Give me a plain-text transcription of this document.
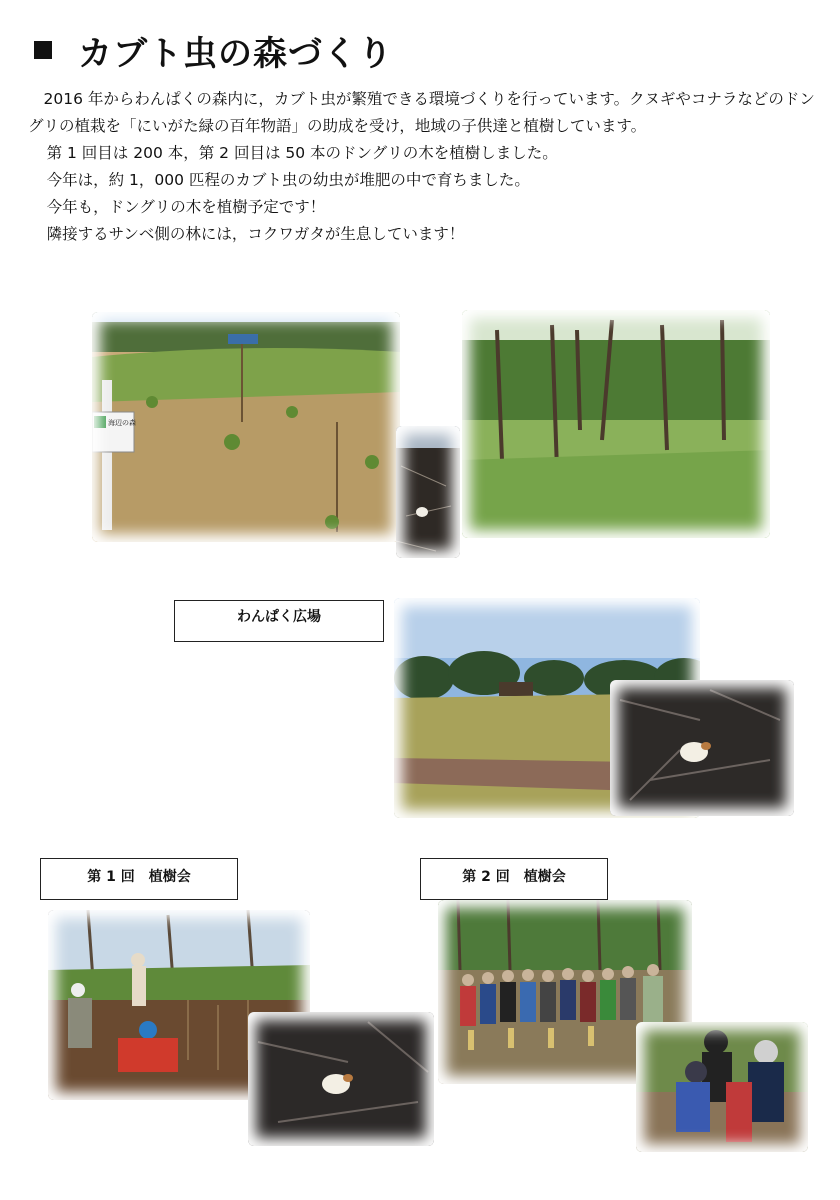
カブト虫の森づくり

2016 年からわんぱくの森内に，カブト虫が繁殖できる環境づくりを行っています。クヌギやコナラなどのドングリの植栽を「にいがた緑の百年物語」の助成を受け，地域の子供達と植樹しています。

第 1 回目は 200 本，第 2 回目は 50 本のドングリの木を植樹しました。

今年は，約 1，000 匹程のカブト虫の幼虫が堆肥の中で育ちました。

今年も，ドングリの木を植樹予定です！

隣接するサンベ側の林には，コクワガタが生息しています！

海辺の森
わんぱく広場
第 1 回　植樹会	第 2 回　植樹会
